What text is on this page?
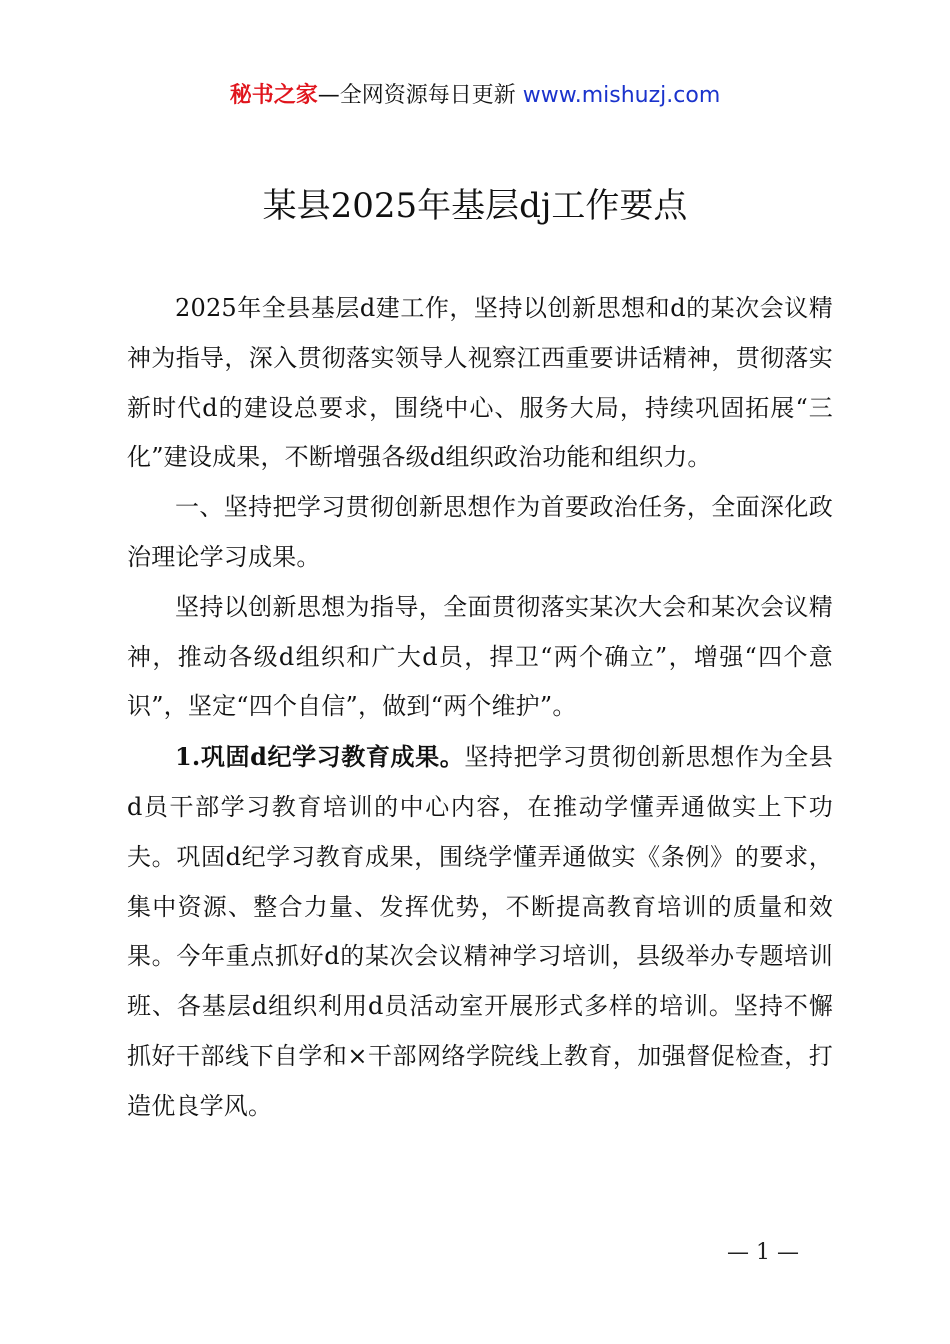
秘书之家—全网资源每日更新 www.mishuzj.com
某县2025年基层dj工作要点

2025年全县基层d建工作，坚持以创新思想和d的某次会议精神为指导，深入贯彻落实领导人视察江西重要讲话精神，贯彻落实新时代d的建设总要求，围绕中心、服务大局，持续巩固拓展“三化”建设成果，不断增强各级d组织政治功能和组织力。

一、坚持把学习贯彻创新思想作为首要政治任务，全面深化政治理论学习成果。

坚持以创新思想为指导，全面贯彻落实某次大会和某次会议精神，推动各级d组织和广大d员，捍卫“两个确立”，增强“四个意识”，坚定“四个自信”，做到“两个维护”。

1.巩固d纪学习教育成果。坚持把学习贯彻创新思想作为全县d员干部学习教育培训的中心内容，在推动学懂弄通做实上下功夫。巩固d纪学习教育成果，围绕学懂弄通做实《条例》的要求，集中资源、整合力量、发挥优势，不断提高教育培训的质量和效果。今年重点抓好d的某次会议精神学习培训，县级举办专题培训班、各基层d组织利用d员活动室开展形式多样的培训。坚持不懈抓好干部线下自学和×干部网络学院线上教育，加强督促检查，打造优良学风。

— 1 —
